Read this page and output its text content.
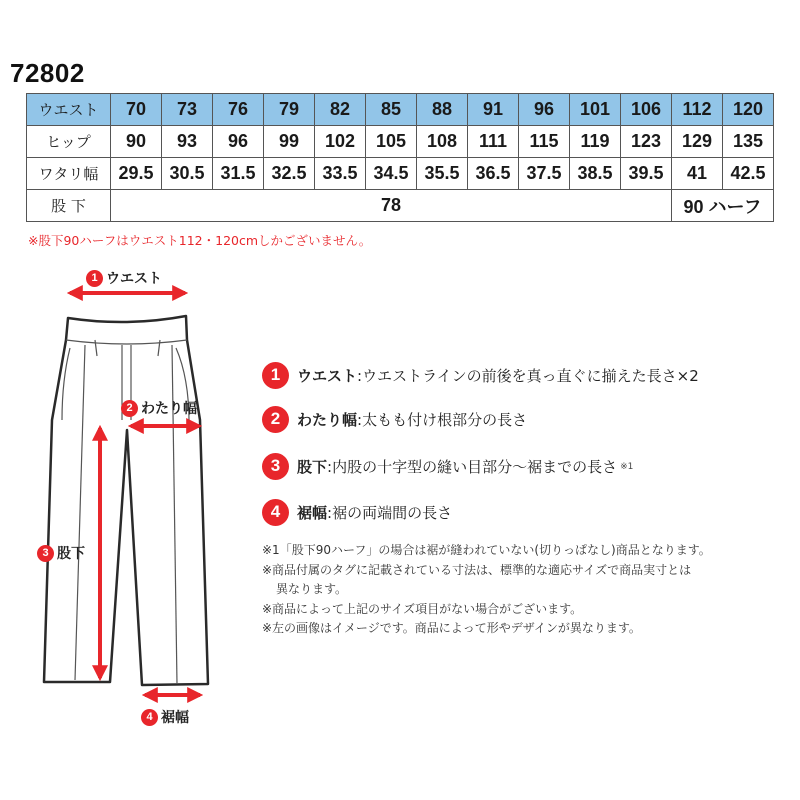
72802
ウエスト	70	73	76	79	82	85	88	91	96	101	106	112	120
ヒップ	90	93	96	99	102	105	108	111	115	119	123	129	135
ワタリ幅	29.5	30.5	31.5	32.5	33.5	34.5	35.5	36.5	37.5	38.5	39.5	41	42.5
股 下	78											90 ハーフ	
※股下90ハーフはウエスト112・120cmしかございません。
1 ウエスト
2 わたり幅
3 股下
4 裾幅
1	ウエスト :ウエストラインの前後を真っ直ぐに揃えた長さ×2
2	わたり幅 :太もも付け根部分の長さ
3	股下 :内股の十字型の縫い目部分〜裾までの長さ ※1
4	裾幅 :裾の両端間の長さ

※1「股下90ハーフ」の場合は裾が縫われていない(切りっぱなし)商品となります。

※商品付属のタグに記載されている寸法は、標準的な適応サイズで商品実寸とは

異なります。

※商品によって上記のサイズ項目がない場合がございます。

※左の画像はイメージです。商品によって形やデザインが異なります。
